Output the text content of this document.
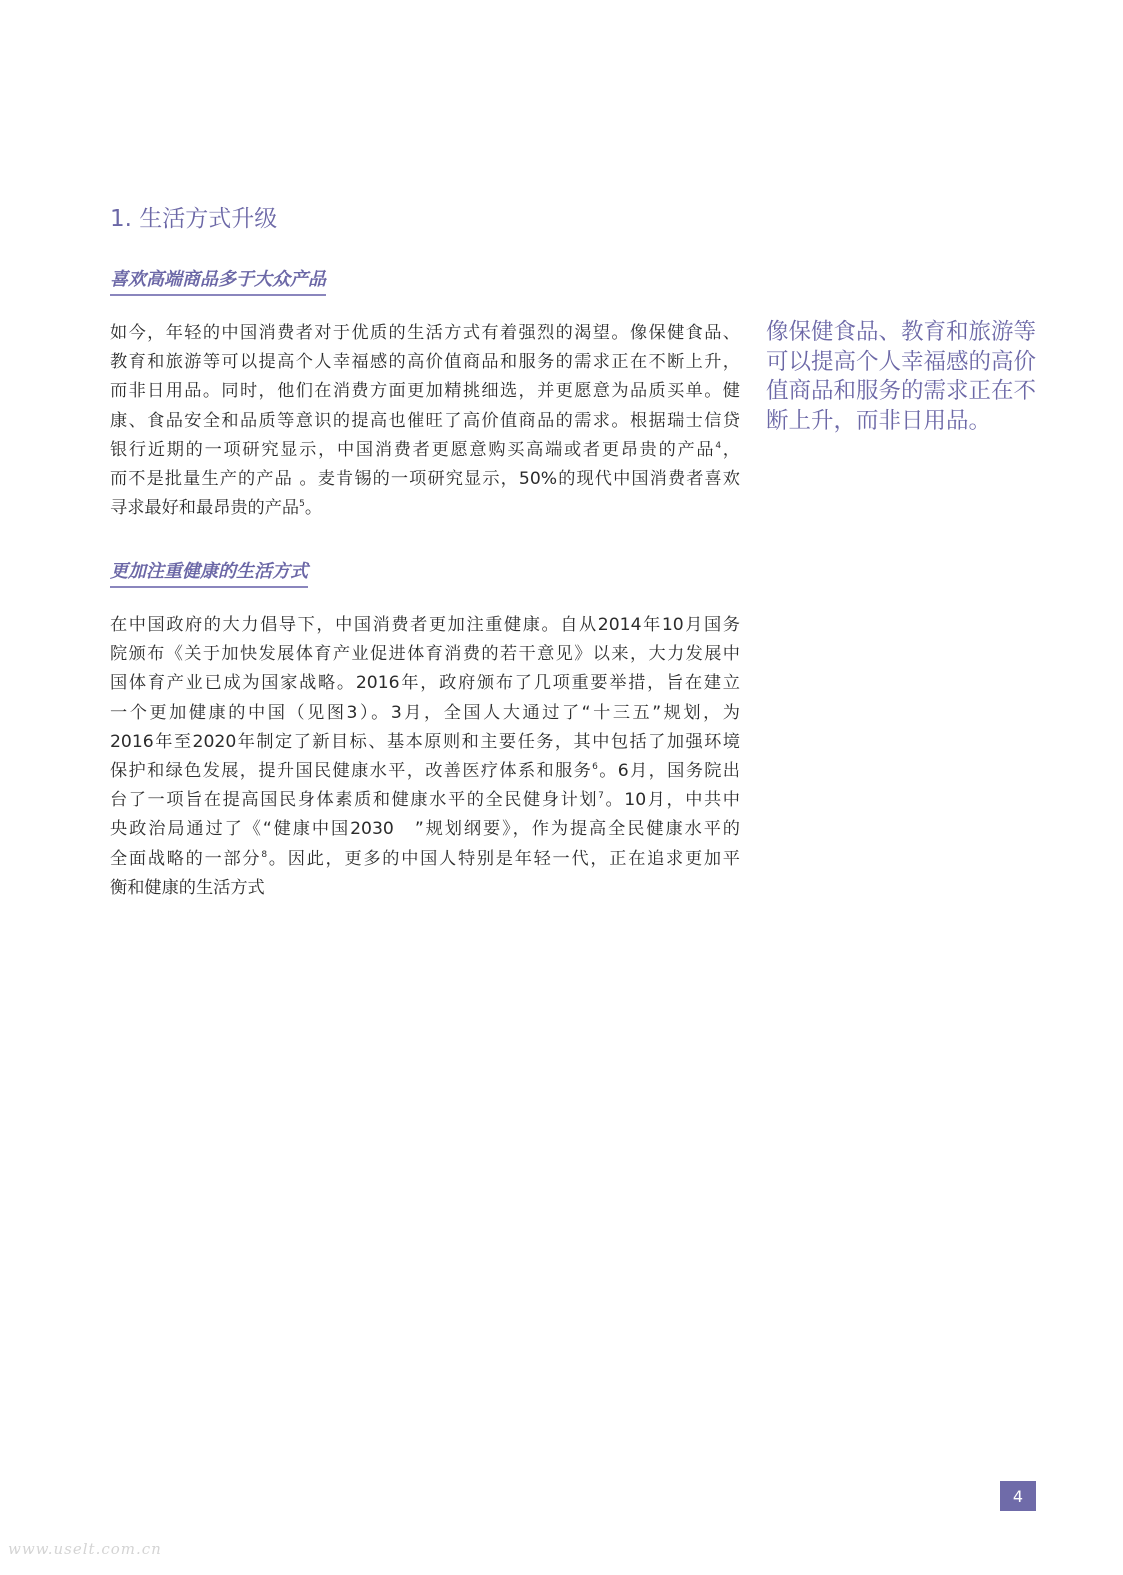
1. 生活方式升级
喜欢高端商品多于大众产品

如今，年轻的中国消费者对于优质的生活方式有着强烈的渴望。像保健食品、
教育和旅游等可以提高个人幸福感的高价值商品和服务的需求正在不断上升，
而非日用品。同时，他们在消费方面更加精挑细选，并更愿意为品质买单。健
康、食品安全和品质等意识的提高也催旺了高价值商品的需求。根据瑞士信贷
银行近期的一项研究显示，中国消费者更愿意购买高端或者更昂贵的产品$^4$，
而不是批量生产的产品 。麦肯锡的一项研究显示，50%的现代中国消费者喜欢
寻求最好和最昂贵的产品$^5$。

更加注重健康的生活方式

在中国政府的大力倡导下，中国消费者更加注重健康。自从2014年10月国务
院颁布《关于加快发展体育产业促进体育消费的若干意见》以来，大力发展中
国体育产业已成为国家战略。2016年，政府颁布了几项重要举措，旨在建立
一个更加健康的中国（见图3）。3月，全国人大通过了“十三五”规划，为
2016年至2020年制定了新目标、基本原则和主要任务，其中包括了加强环境
保护和绿色发展，提升国民健康水平，改善医疗体系和服务$^6$。6月，国务院出
台了一项旨在提高国民身体素质和健康水平的全民健身计划$^7$。10月，中共中
央政治局通过了《“健康中国2030　”规划纲要》，作为提高全民健康水平的
全面战略的一部分$^8$。因此，更多的中国人特别是年轻一代，正在追求更加平
衡和健康的生活方式

像保健食品、教育和旅游等
可以提高个人幸福感的高价
值商品和服务的需求正在不
断上升，而非日用品。
4
www.uselt.com.cn
